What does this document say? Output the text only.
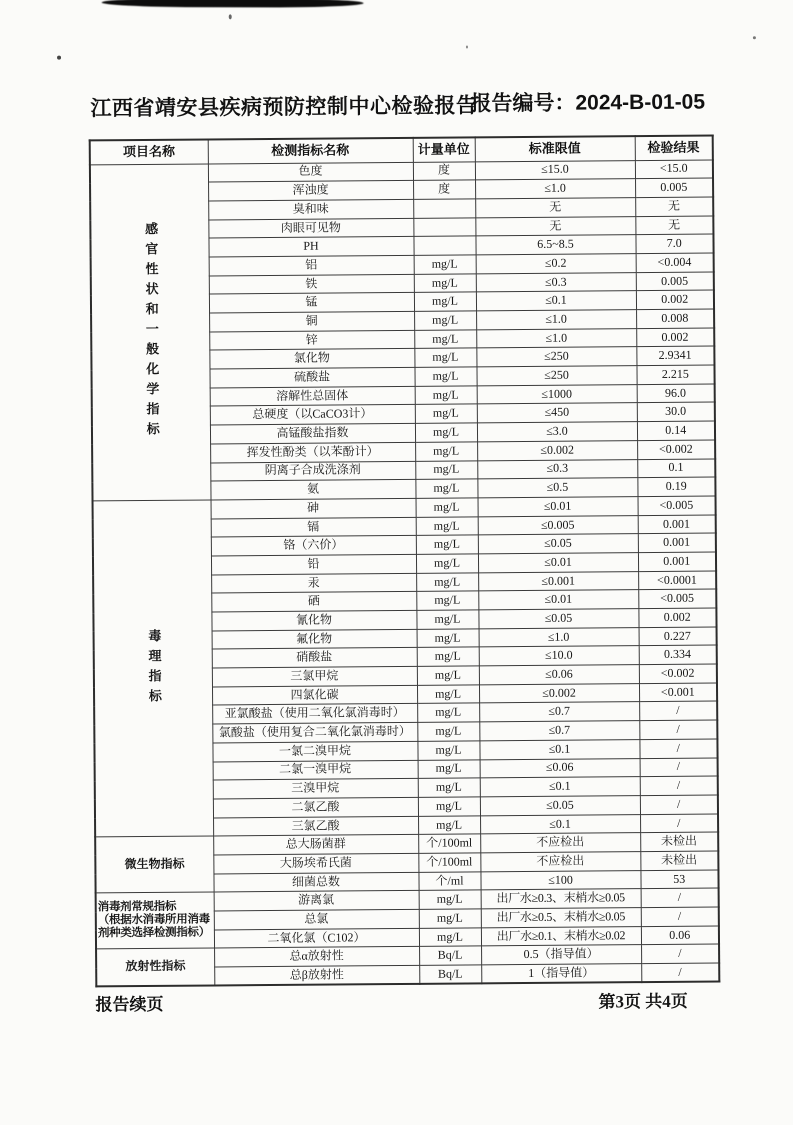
江西省靖安县疾病预防控制中心检验报告
报告编号：2024-B-01-05
项目名称	检测指标名称	计量单位	标准限值	检验结果

感官性状和一般化学指标	色度	度	≤15.0	<15.0
	浑浊度	度	≤1.0	0.005
	臭和味		无	无
	肉眼可见物		无	无
	PH		6.5~8.5	7.0
	铝	mg/L	≤0.2	<0.004
	铁	mg/L	≤0.3	0.005
	锰	mg/L	≤0.1	0.002
	铜	mg/L	≤1.0	0.008
	锌	mg/L	≤1.0	0.002
	氯化物	mg/L	≤250	2.9341
	硫酸盐	mg/L	≤250	2.215
	溶解性总固体	mg/L	≤1000	96.0
	总硬度（以CaCO3计）	mg/L	≤450	30.0
	高锰酸盐指数	mg/L	≤3.0	0.14
	挥发性酚类（以苯酚计）	mg/L	≤0.002	<0.002
	阴离子合成洗涤剂	mg/L	≤0.3	0.1
	氨	mg/L	≤0.5	0.19

毒理指标	砷	mg/L	≤0.01	<0.005
	镉	mg/L	≤0.005	0.001
	铬（六价）	mg/L	≤0.05	0.001
	铅	mg/L	≤0.01	0.001
	汞	mg/L	≤0.001	<0.0001
	硒	mg/L	≤0.01	<0.005
	氰化物	mg/L	≤0.05	0.002
	氟化物	mg/L	≤1.0	0.227
	硝酸盐	mg/L	≤10.0	0.334
	三氯甲烷	mg/L	≤0.06	<0.002
	四氯化碳	mg/L	≤0.002	<0.001
	亚氯酸盐（使用二氧化氯消毒时）	mg/L	≤0.7	/
	氯酸盐（使用复合二氧化氯消毒时）	mg/L	≤0.7	/
	一氯二溴甲烷	mg/L	≤0.1	/
	二氯一溴甲烷	mg/L	≤0.06	/
	三溴甲烷	mg/L	≤0.1	/
	二氯乙酸	mg/L	≤0.05	/
	三氯乙酸	mg/L	≤0.1	/
微生物指标	总大肠菌群	个/100ml	不应检出	未检出
	大肠埃希氏菌	个/100ml	不应检出	未检出
	细菌总数	个/ml	≤100	53
消毒剂常规指标
（根据水消毒所用消毒
剂种类选择检测指标）	游离氯	mg/L	出厂水≥0.3、末梢水≥0.05	/
	总氯	mg/L	出厂水≥0.5、末梢水≥0.05	/
	二氧化氯（C102）	mg/L	出厂水≥0.1、末梢水≥0.02	0.06
放射性指标	总α放射性	Bq/L	0.5（指导值）	/
	总β放射性	Bq/L	1（指导值）	/
报告续页	第3页 共4页
